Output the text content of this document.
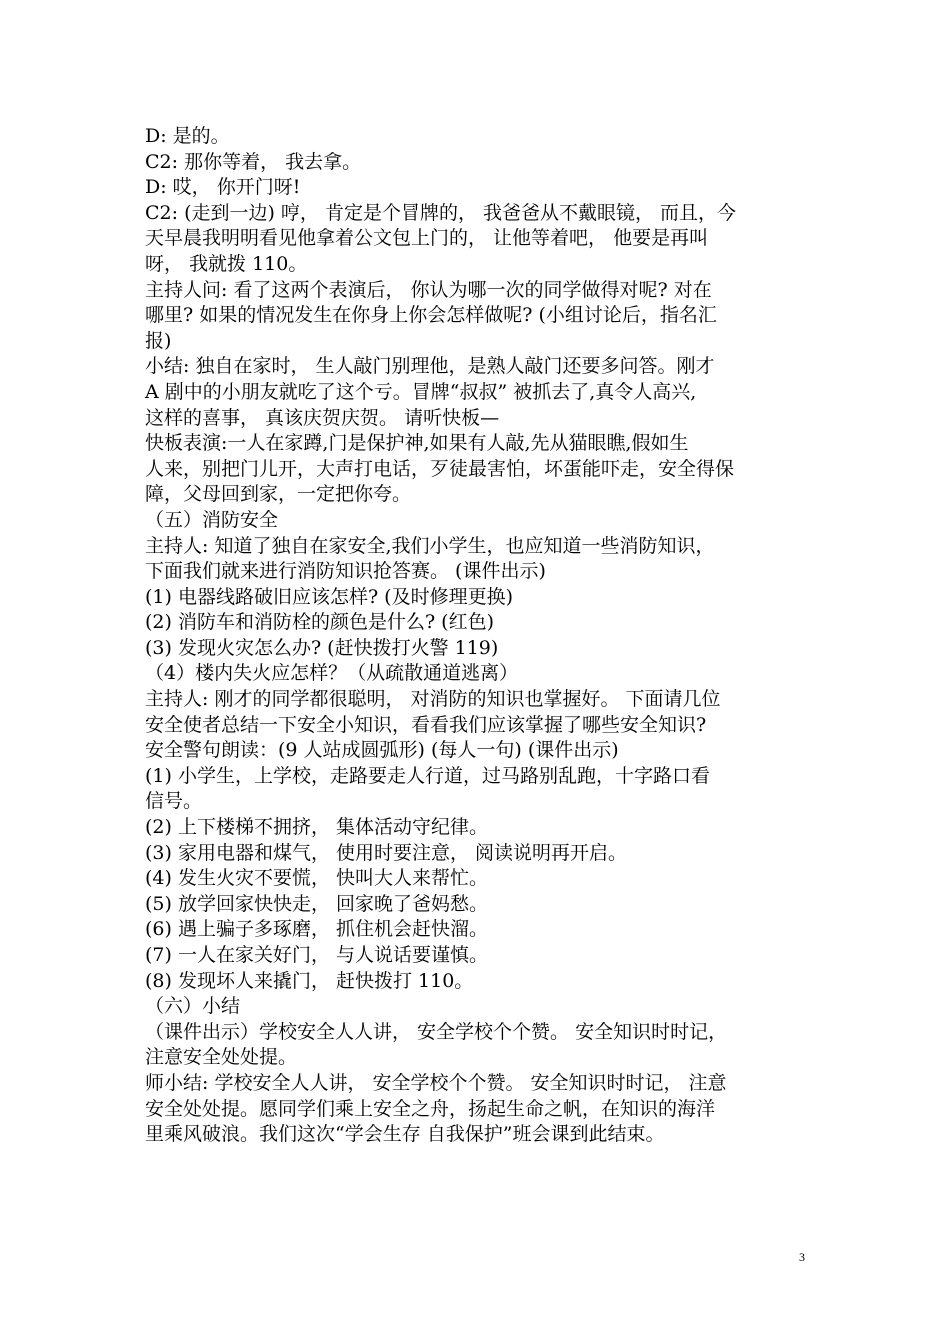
D: 是的。
C2: 那你等着， 我去拿。
D: 哎， 你开门呀!
C2: (走到一边) 哼， 肯定是个冒牌的， 我爸爸从不戴眼镜， 而且，今
天早晨我明明看见他拿着公文包上门的， 让他等着吧， 他要是再叫
呀， 我就拨 110。
主持人问: 看了这两个表演后， 你认为哪一次的同学做得对呢? 对在
哪里? 如果的情况发生在你身上你会怎样做呢? (小组讨论后，指名汇
报)
小结: 独自在家时， 生人敲门别理他，是熟人敲门还要多问答。刚才
A 剧中的小朋友就吃了这个亏。冒牌“叔叔” 被抓去了,真令人高兴,
这样的喜事， 真该庆贺庆贺。 请听快板—
快板表演:一人在家蹲,门是保护神,如果有人敲,先从猫眼瞧,假如生
人来，别把门儿开，大声打电话，歹徒最害怕，坏蛋能吓走，安全得保
障，父母回到家，一定把你夸。
（五）消防安全
主持人: 知道了独自在家安全,我们小学生，也应知道一些消防知识，
下面我们就来进行消防知识抢答赛。 (课件出示)
(1) 电器线路破旧应该怎样? (及时修理更换)
(2) 消防车和消防栓的颜色是什么? (红色)
(3) 发现火灾怎么办? (赶快拨打火警 119)
（4）楼内失火应怎样？（从疏散通道逃离）
主持人: 刚才的同学都很聪明， 对消防的知识也掌握好。 下面请几位
安全使者总结一下安全小知识，看看我们应该掌握了哪些安全知识?
安全警句朗读：(9 人站成圆弧形) (每人一句) (课件出示)
(1) 小学生，上学校，走路要走人行道，过马路别乱跑，十字路口看
信号。
(2) 上下楼梯不拥挤， 集体活动守纪律。
(3) 家用电器和煤气， 使用时要注意， 阅读说明再开启。
(4) 发生火灾不要慌， 快叫大人来帮忙。
(5) 放学回家快快走， 回家晚了爸妈愁。
(6) 遇上骗子多琢磨， 抓住机会赶快溜。
(7) 一人在家关好门， 与人说话要谨慎。
(8) 发现坏人来撬门， 赶快拨打 110。
（六）小结
（课件出示）学校安全人人讲， 安全学校个个赞。 安全知识时时记，
注意安全处处提。
师小结: 学校安全人人讲， 安全学校个个赞。 安全知识时时记， 注意
安全处处提。愿同学们乘上安全之舟，扬起生命之帆，在知识的海洋
里乘风破浪。我们这次“学会生存 自我保护”班会课到此结束。
3
